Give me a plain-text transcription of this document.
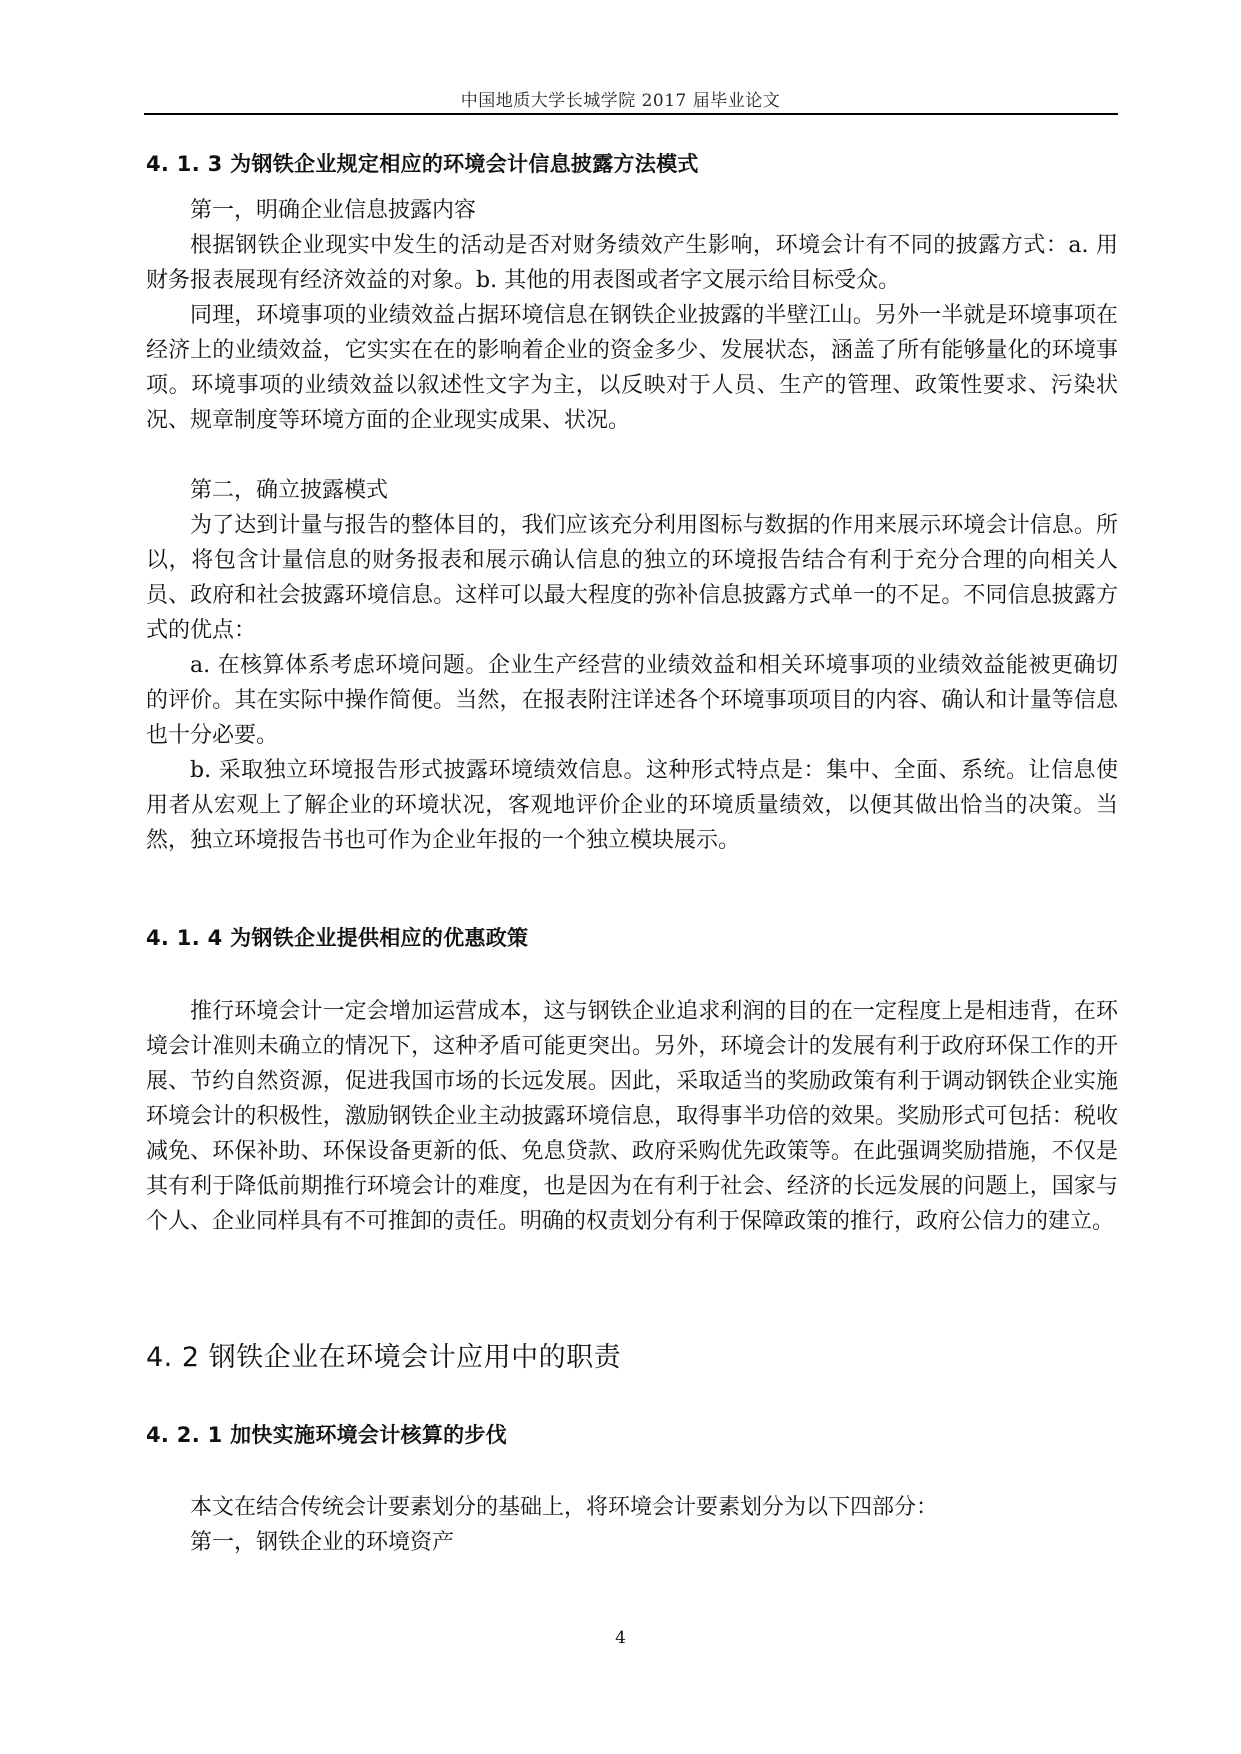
中国地质大学长城学院 2017 届毕业论文
4. 1. 3 为钢铁企业规定相应的环境会计信息披露方法模式

第一，明确企业信息披露内容

根据钢铁企业现实中发生的活动是否对财务绩效产生影响，环境会计有不同的披露方式：a. 用财务报表展现有经济效益的对象。b. 其他的用表图或者字文展示给目标受众。

同理，环境事项的业绩效益占据环境信息在钢铁企业披露的半壁江山。另外一半就是环境事项在经济上的业绩效益，它实实在在的影响着企业的资金多少、发展状态，涵盖了所有能够量化的环境事项。环境事项的业绩效益以叙述性文字为主，以反映对于人员、生产的管理、政策性要求、污染状况、规章制度等环境方面的企业现实成果、状况。

第二，确立披露模式

为了达到计量与报告的整体目的，我们应该充分利用图标与数据的作用来展示环境会计信息。所以，将包含计量信息的财务报表和展示确认信息的独立的环境报告结合有利于充分合理的向相关人员、政府和社会披露环境信息。这样可以最大程度的弥补信息披露方式单一的不足。不同信息披露方式的优点：

a. 在核算体系考虑环境问题。企业生产经营的业绩效益和相关环境事项的业绩效益能被更确切的评价。其在实际中操作简便。当然，在报表附注详述各个环境事项项目的内容、确认和计量等信息也十分必要。

b. 采取独立环境报告形式披露环境绩效信息。这种形式特点是：集中、全面、系统。让信息使用者从宏观上了解企业的环境状况，客观地评价企业的环境质量绩效，以便其做出恰当的决策。当然，独立环境报告书也可作为企业年报的一个独立模块展示。

4. 1. 4 为钢铁企业提供相应的优惠政策

推行环境会计一定会增加运营成本，这与钢铁企业追求利润的目的在一定程度上是相违背，在环境会计准则未确立的情况下，这种矛盾可能更突出。另外，环境会计的发展有利于政府环保工作的开展、节约自然资源，促进我国市场的长远发展。因此，采取适当的奖励政策有利于调动钢铁企业实施环境会计的积极性，激励钢铁企业主动披露环境信息，取得事半功倍的效果。奖励形式可包括：税收减免、环保补助、环保设备更新的低、免息贷款、政府采购优先政策等。在此强调奖励措施，不仅是其有利于降低前期推行环境会计的难度，也是因为在有利于社会、经济的长远发展的问题上，国家与个人、企业同样具有不可推卸的责任。明确的权责划分有利于保障政策的推行，政府公信力的建立。

4. 2 钢铁企业在环境会计应用中的职责
4. 2. 1 加快实施环境会计核算的步伐

本文在结合传统会计要素划分的基础上，将环境会计要素划分为以下四部分：

第一，钢铁企业的环境资产

4
